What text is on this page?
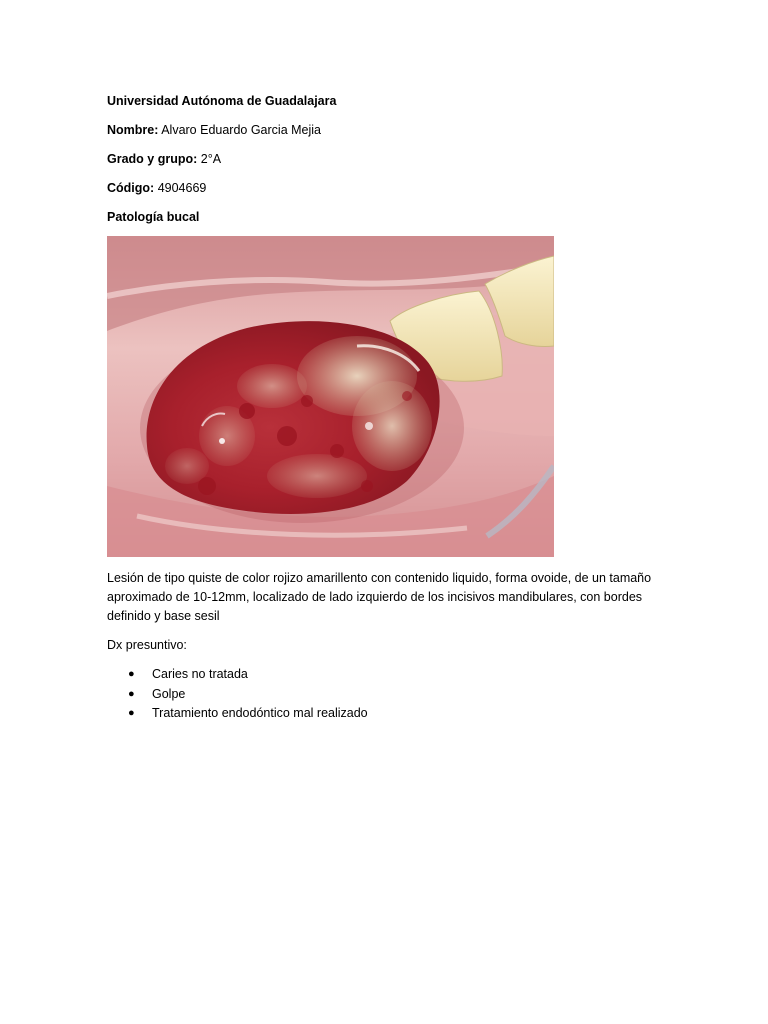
Universidad Autónoma de Guadalajara

Nombre: Alvaro Eduardo Garcia Mejia

Grado y grupo: 2°A

Código: 4904669

Patología bucal

Lesión de tipo quiste de color rojizo amarillento con contenido liquido, forma ovoide, de un tamaño aproximado de 10-12mm, localizado de lado izquierdo de los incisivos mandibulares, con bordes definido y base sesil

Dx presuntivo:

● Caries no tratada
● Golpe
● Tratamiento endodóntico mal realizado
